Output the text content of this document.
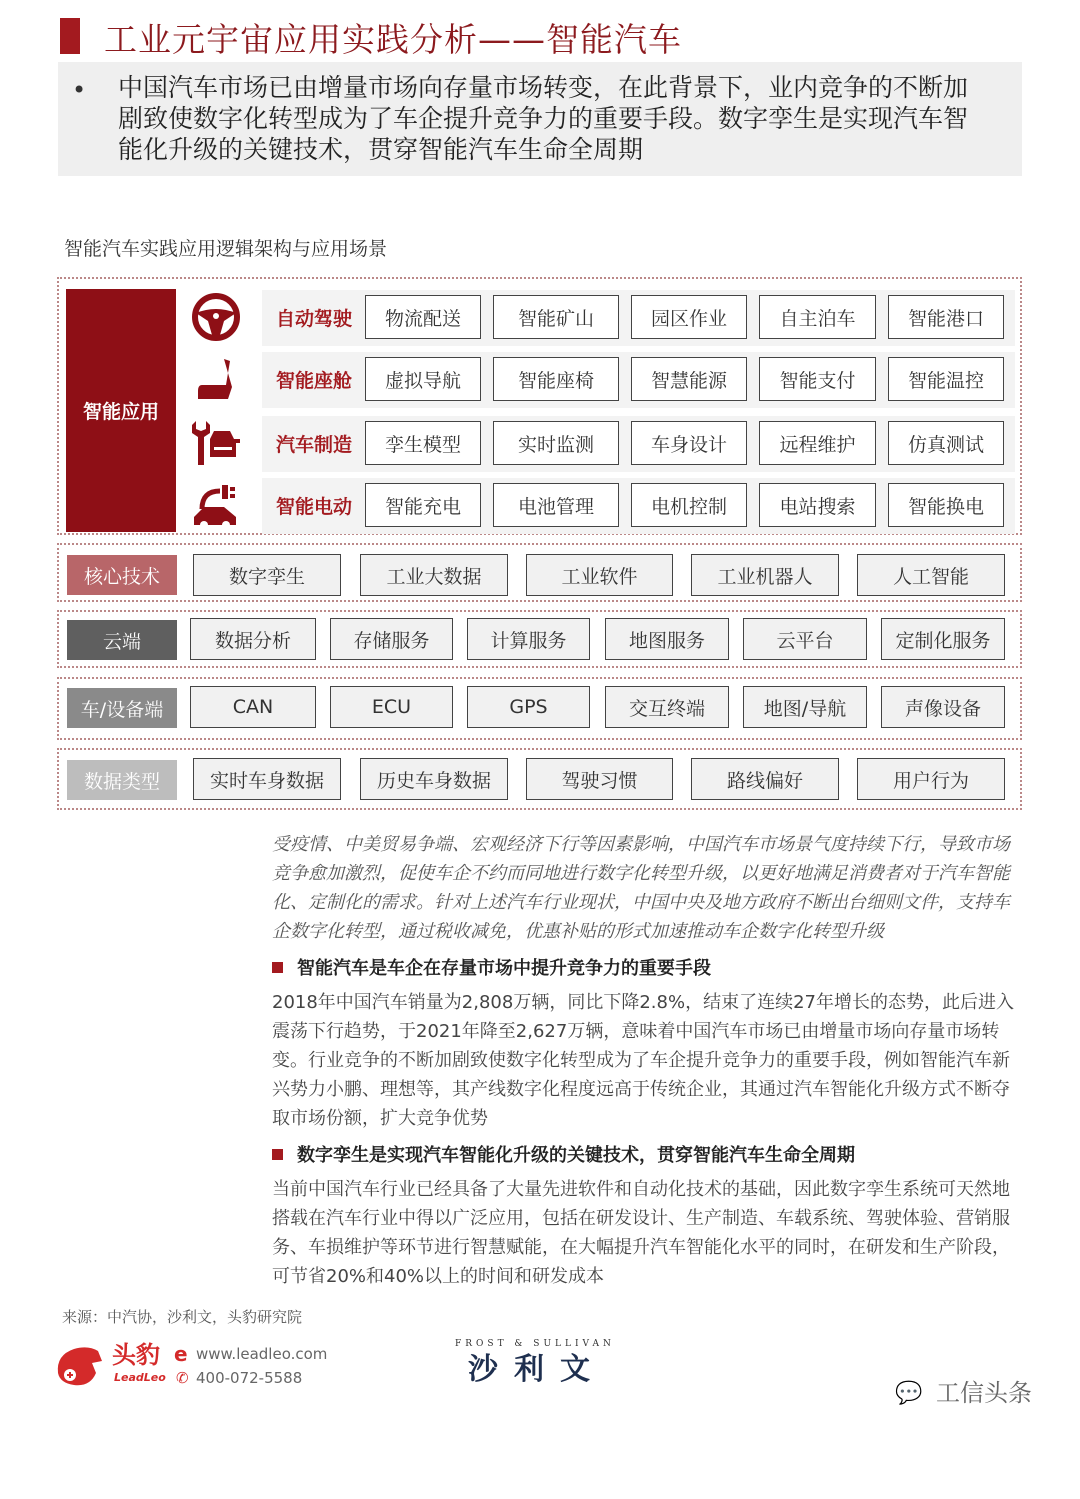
工业元宇宙应用实践分析——智能汽车
• 中国汽车市场已由增量市场向存量市场转变，在此背景下，业内竞争的不断加剧致使数字化转型成为了车企提升竞争力的重要手段。数字孪生是实现汽车智能化升级的关键技术，贯穿智能汽车生命全周期
智能汽车实践应用逻辑架构与应用场景
智能应用
自动驾驶	物流配送	智能矿山	园区作业	自主泊车	智能港口
智能座舱	虚拟导航	智能座椅	智慧能源	智能支付	智能温控
汽车制造	孪生模型	实时监测	车身设计	远程维护	仿真测试
智能电动	智能充电	电池管理	电机控制	电站搜索	智能换电
核心技术	数字孪生	工业大数据	工业软件	工业机器人	人工智能
云端	数据分析	存储服务	计算服务	地图服务	云平台	定制化服务
车/设备端	CAN	ECU	GPS	交互终端	地图/导航	声像设备
数据类型	实时车身数据	历史车身数据	驾驶习惯	路线偏好	用户行为
受疫情、中美贸易争端、宏观经济下行等因素影响，中国汽车市场景气度持续下行，导致市场竞争愈加激烈，促使车企不约而同地进行数字化转型升级，以更好地满足消费者对于汽车智能化、定制化的需求。针对上述汽车行业现状，中国中央及地方政府不断出台细则文件，支持车企数字化转型，通过税收减免，优惠补贴的形式加速推动车企数字化转型升级
智能汽车是车企在存量市场中提升竞争力的重要手段
2018年中国汽车销量为2,808万辆，同比下降2.8%，结束了连续27年增长的态势，此后进入震荡下行趋势，于2021年降至2,627万辆，意味着中国汽车市场已由增量市场向存量市场转变。行业竞争的不断加剧致使数字化转型成为了车企提升竞争力的重要手段，例如智能汽车新兴势力小鹏、理想等，其产线数字化程度远高于传统企业，其通过汽车智能化升级方式不断夺取市场份额，扩大竞争优势
数字孪生是实现汽车智能化升级的关键技术，贯穿智能汽车生命全周期
当前中国汽车行业已经具备了大量先进软件和自动化技术的基础，因此数字孪生系统可天然地搭载在汽车行业中得以广泛应用，包括在研发设计、生产制造、车载系统、驾驶体验、营销服务、车损维护等环节进行智慧赋能，在大幅提升汽车智能化水平的同时，在研发和生产阶段，可节省20%和40%以上的时间和研发成本
来源：中汽协，沙利文，头豹研究院
头豹
LeadLeo
e www.leadleo.com
✆ 400-072-5588
FROST & SULLIVAN
沙利文
💬 工信头条
